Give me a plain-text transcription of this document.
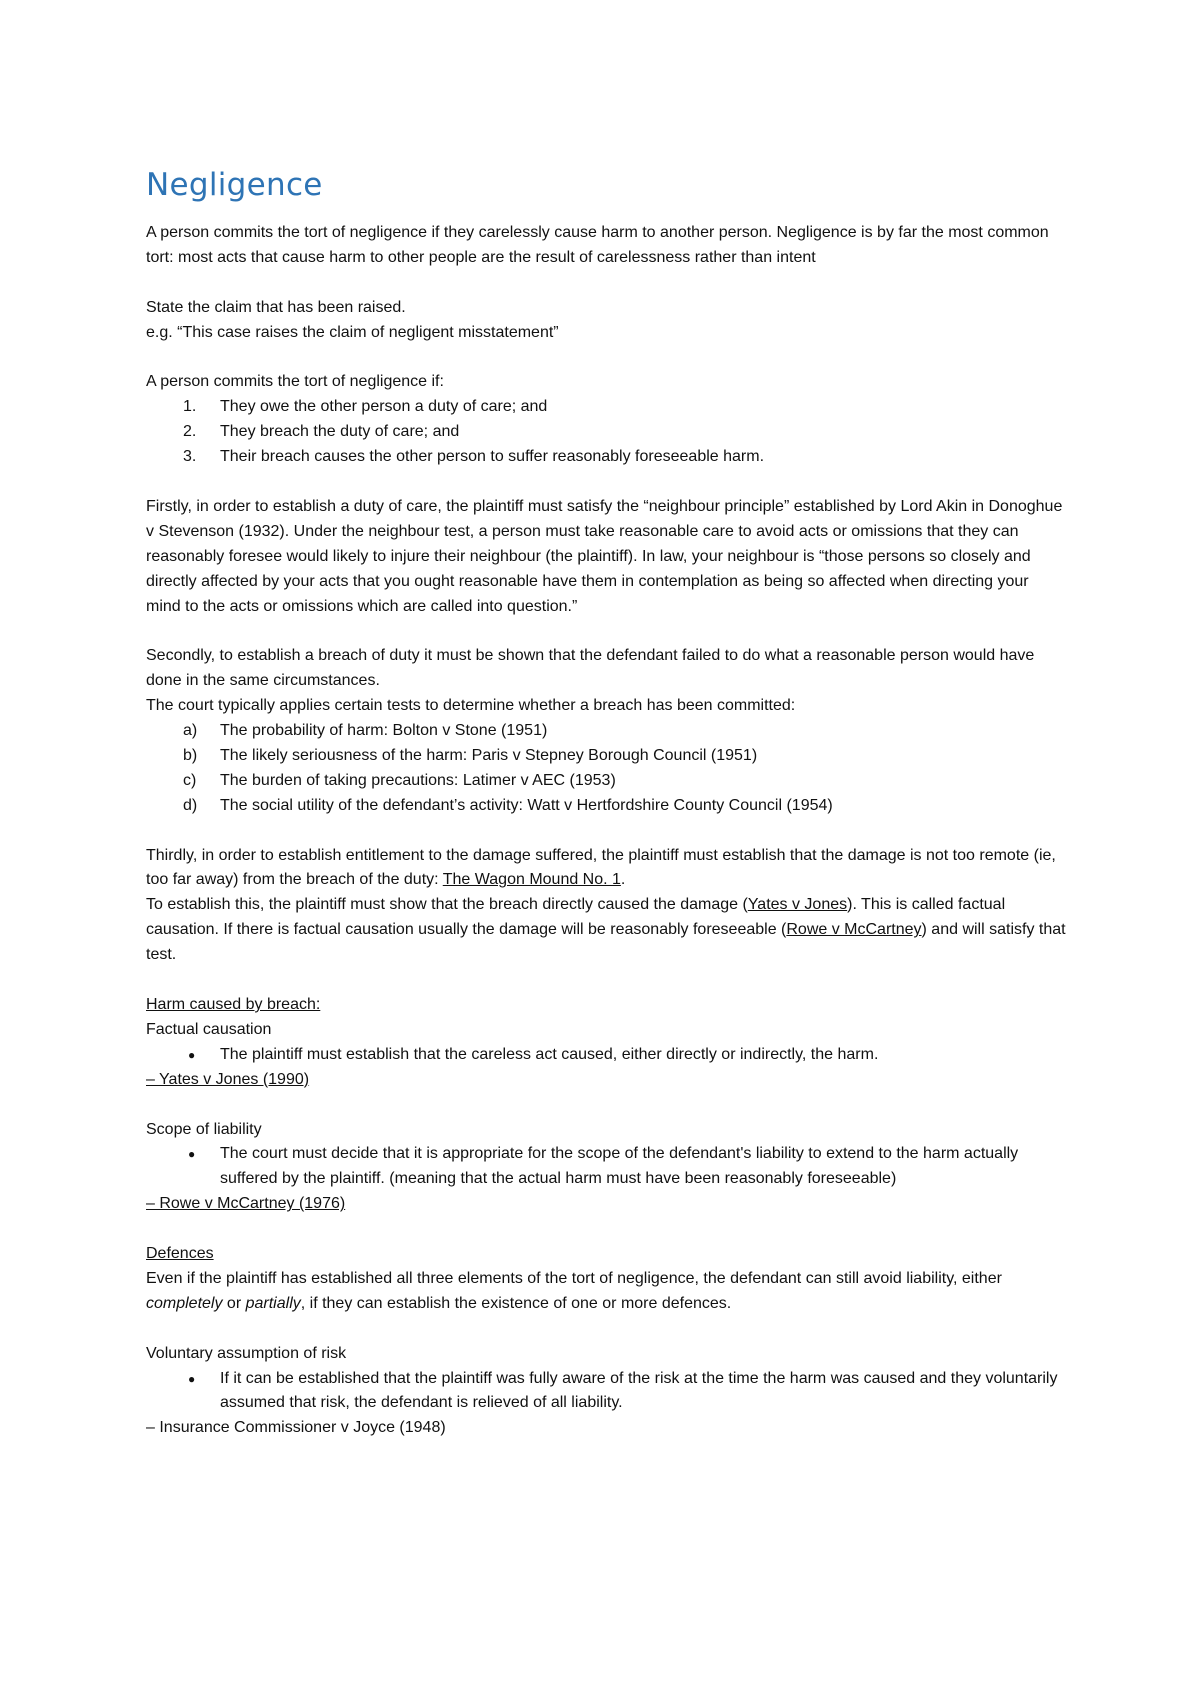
Negligence

A person commits the tort of negligence if they carelessly cause harm to another person. Negligence is by far the most common tort: most acts that cause harm to other people are the result of carelessness rather than intent

State the claim that has been raised.

e.g. “This case raises the claim of negligent misstatement”

A person commits the tort of negligence if:

1. They owe the other person a duty of care; and
2. They breach the duty of care; and
3. Their breach causes the other person to suffer reasonably foreseeable harm.

Firstly, in order to establish a duty of care, the plaintiff must satisfy the “neighbour principle” established by Lord Akin in Donoghue v Stevenson (1932). Under the neighbour test, a person must take reasonable care to avoid acts or omissions that they can reasonably foresee would likely to injure their neighbour (the plaintiff). In law, your neighbour is “those persons so closely and directly affected by your acts that you ought reasonable have them in contemplation as being so affected when directing your mind to the acts or omissions which are called into question.”

Secondly, to establish a breach of duty it must be shown that the defendant failed to do what a reasonable person would have done in the same circumstances.

The court typically applies certain tests to determine whether a breach has been committed:

a) The probability of harm: Bolton v Stone (1951)
b) The likely seriousness of the harm: Paris v Stepney Borough Council (1951)
c) The burden of taking precautions: Latimer v AEC (1953)
d) The social utility of the defendant’s activity: Watt v Hertfordshire County Council (1954)

Thirdly, in order to establish entitlement to the damage suffered, the plaintiff must establish that the damage is not too remote (ie, too far away) from the breach of the duty: The Wagon Mound No. 1.

To establish this, the plaintiff must show that the breach directly caused the damage (Yates v Jones). This is called factual causation. If there is factual causation usually the damage will be reasonably foreseeable (Rowe v McCartney) and will satisfy that test.

Harm caused by breach:

Factual causation

● The plaintiff must establish that the careless act caused, either directly or indirectly, the harm.

– Yates v Jones (1990)

Scope of liability

● The court must decide that it is appropriate for the scope of the defendant's liability to extend to the harm actually suffered by the plaintiff. (meaning that the actual harm must have been reasonably foreseeable)

– Rowe v McCartney (1976)

Defences

Even if the plaintiff has established all three elements of the tort of negligence, the defendant can still avoid liability, either completely or partially, if they can establish the existence of one or more defences.

Voluntary assumption of risk

● If it can be established that the plaintiff was fully aware of the risk at the time the harm was caused and they voluntarily assumed that risk, the defendant is relieved of all liability.

– Insurance Commissioner v Joyce (1948)
